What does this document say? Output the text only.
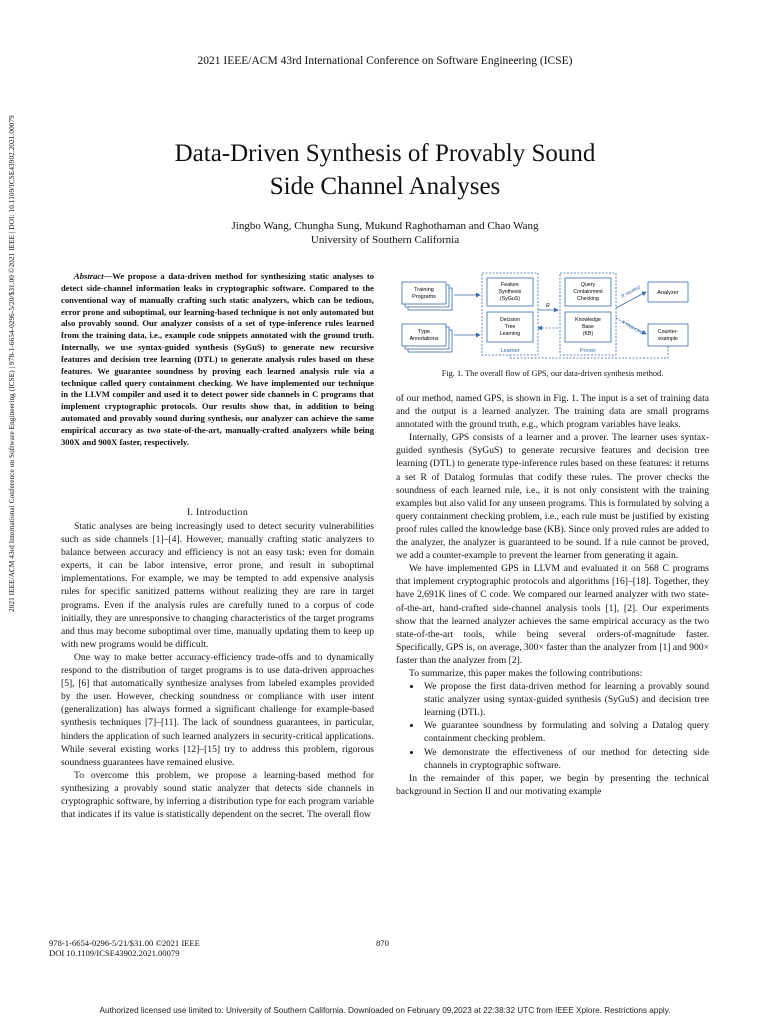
2021 IEEE/ACM 43rd International Conference on Software Engineering (ICSE)
Data-Driven Synthesis of Provably Sound
Side Channel Analyses
Jingbo Wang, Chungha Sung, Mukund Raghothaman and Chao Wang
University of Southern California
2021 IEEE/ACM 43rd International Conference on Software Engineering (ICSE) | 978-1-6654-0296-5/20/$31.00 ©2021 IEEE | DOI: 10.1109/ICSE43902.2021.00079	Abstract—We propose a data-driven method for synthesizing static analyses to detect side-channel information leaks in cryptographic software. Compared to the conventional way of manually crafting such static analyzers, which can be tedious, error prone and suboptimal, our learning-based technique is not only automated but also provably sound. Our analyzer consists of a set of type-inference rules learned from the training data, i.e., example code snippets annotated with the ground truth. Internally, we use syntax-guided synthesis (SyGuS) to generate new recursive features and decision tree learning (DTL) to generate analysis rules based on these features. We guarantee soundness by proving each learned analysis rule via a technique called query containment checking. We have implemented our technique in the LLVM compiler and used it to detect power side channels in C programs that implement cryptographic protocols. Our results show that, in addition to being automated and provably sound during synthesis, our analyzer can achieve the same empirical accuracy as two state-of-the-art, manually-crafted analyzers while being 300X and 900X faster, respectively.
I. Introduction

Static analyses are being increasingly used to detect security vulnerabilities such as side channels [1]–[4]. However, manually crafting static analyzers to balance between accuracy and efficiency is not an easy task: even for domain experts, it can be labor intensive, error prone, and result in suboptimal implementations. For example, we may be tempted to add expensive analysis rules for specific sanitized patterns without realizing they are rare in target programs. Even if the analysis rules are carefully tuned to a corpus of code initially, they are unresponsive to changing characteristics of the target programs and thus may become suboptimal over time, manually updating them to keep up with new programs would be difficult.

One way to make better accuracy-efficiency trade-offs and to dynamically respond to the distribution of target programs is to use data-driven approaches [5], [6] that automatically synthesize analyses from labeled examples provided by the user. However, checking soundness or compliance with user intent (generalization) has always formed a significant challenge for example-based synthesis techniques [7]–[11]. The lack of soundness guarantees, in particular, hinders the application of such learned analyzers in security-critical applications. While several existing works [12]–[15] try to address this problem, rigorous soundness guarantees have remained elusive.

To overcome this problem, we propose a learning-based method for synthesizing a provably sound static analyzer that detects side channels in cryptographic software, by inferring a distribution type for each program variable that indicates if its value is statistically dependent on the secret. The overall flow

Training
Programs
Type
Annotations
Feature
Synthesis
(SyGuS)
Decision
Tree
Learning
Learner
R
Query
Containment
Checking
Knowledge
Base
(KB)
Prover
R Verified
R Rejected
Analyzer
Counter-
example
Fig. 1. The overall flow of GPS, our data-driven synthesis method.

of our method, named GPS, is shown in Fig. 1. The input is a set of training data and the output is a learned analyzer. The training data are small programs annotated with the ground truth, e.g., which program variables have leaks.

Internally, GPS consists of a learner and a prover. The learner uses syntax-guided synthesis (SyGuS) to generate recursive features and decision tree learning (DTL) to generate type-inference rules based on these features: it returns a set R of Datalog formulas that codify these rules. The prover checks the soundness of each learned rule, i.e., it is not only consistent with the training examples but also valid for any unseen programs. This is formulated by solving a query containment checking problem, i.e., each rule must be justified by existing proof rules called the knowledge base (KB). Since only proved rules are added to the analyzer, the analyzer is guaranteed to be sound. If a rule cannot be proved, we add a counter-example to prevent the learner from generating it again.

We have implemented GPS in LLVM and evaluated it on 568 C programs that implement cryptographic protocols and algorithms [16]–[18]. Together, they have 2,691K lines of C code. We compared our learned analyzer with two state-of-the-art, hand-crafted side-channel analysis tools [1], [2]. Our experiments show that the learned analyzer achieves the same empirical accuracy as the two state-of-the-art tools, while being several orders-of-magnitude faster. Specifically, GPS is, on average, 300× faster than the analyzer from [1] and 900× faster than the analyzer from [2].

To summarize, this paper makes the following contributions:

• We propose the first data-driven method for learning a provably sound static analyzer using syntax-guided synthesis (SyGuS) and decision tree learning (DTL).
• We guarantee soundness by formulating and solving a Datalog query containment checking problem.
• We demonstrate the effectiveness of our method for detecting side channels in cryptographic software.

In the remainder of this paper, we begin by presenting the technical background in Section II and our motivating example

978-1-6654-0296-5/21/$31.00 ©2021 IEEE
DOI 10.1109/ICSE43902.2021.00079
870
Authorized licensed use limited to: University of Southern California. Downloaded on February 09,2023 at 22:38:32 UTC from IEEE Xplore. Restrictions apply.
